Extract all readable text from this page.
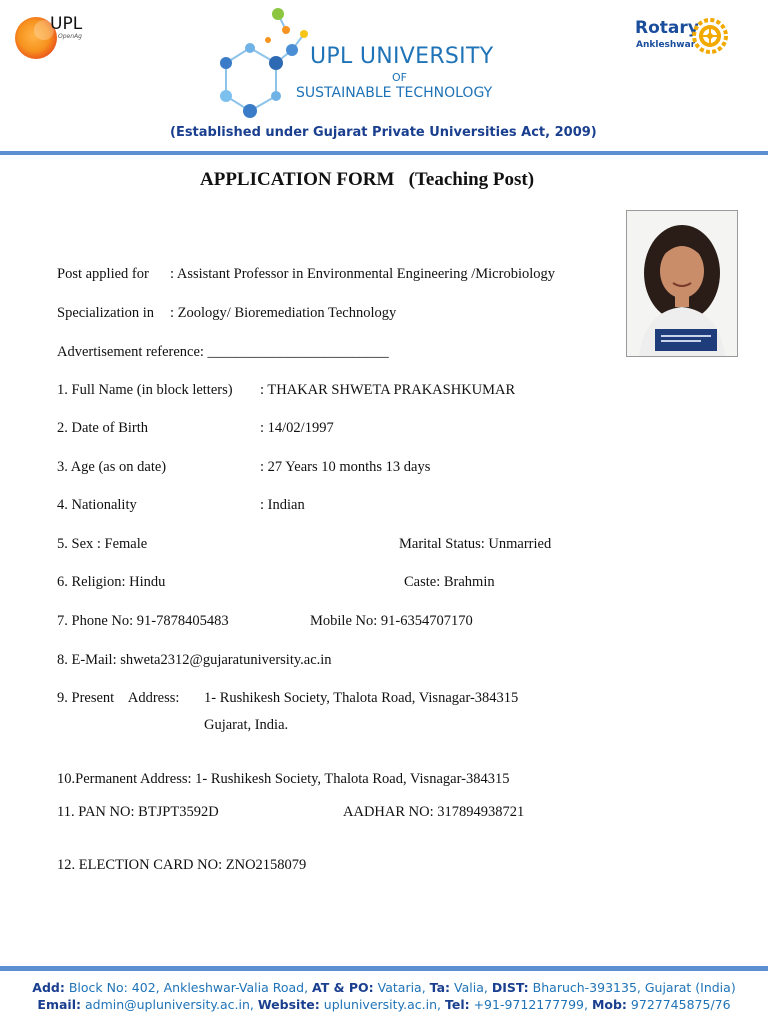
UPL
OpenAg
UPL UNIVERSITY
OF
SUSTAINABLE TECHNOLOGY
(Established under Gujarat Private Universities Act, 2009)
Rotary
Ankleshwar
APPLICATION FORM   (Teaching Post)
Post applied for : Assistant Professor in Environmental Engineering /Microbiology
Specialization in : Zoology/ Bioremediation Technology
Advertisement reference: _________________________
1. Full Name (in block letters) : THAKAR SHWETA PRAKASHKUMAR
2. Date of Birth	: 14/02/1997
3. Age (as on date)	: 27 Years 10 months 13 days
4. Nationality	: Indian
5. Sex : Female	Marital Status: Unmarried
6. Religion: Hindu	Caste: Brahmin
7. Phone No: 91-7878405483	Mobile No: 91-6354707170
8. E-Mail: shweta2312@gujaratuniversity.ac.in
9. Present    Address: 1- Rushikesh Society, Thalota Road, Visnagar-384315
Gujarat, India.
10.Permanent Address: 1- Rushikesh Society, Thalota Road, Visnagar-384315
11. PAN NO: BTJPT3592D	AADHAR NO: 317894938721
12. ELECTION CARD NO: ZNO2158079
Add: Block No: 402, Ankleshwar-Valia Road, AT & PO: Vataria, Ta: Valia, DIST: Bharuch-393135, Gujarat (India)
Email: admin@upluniversity.ac.in, Website: upluniversity.ac.in, Tel: +91-9712177799, Mob: 9727745875/76
